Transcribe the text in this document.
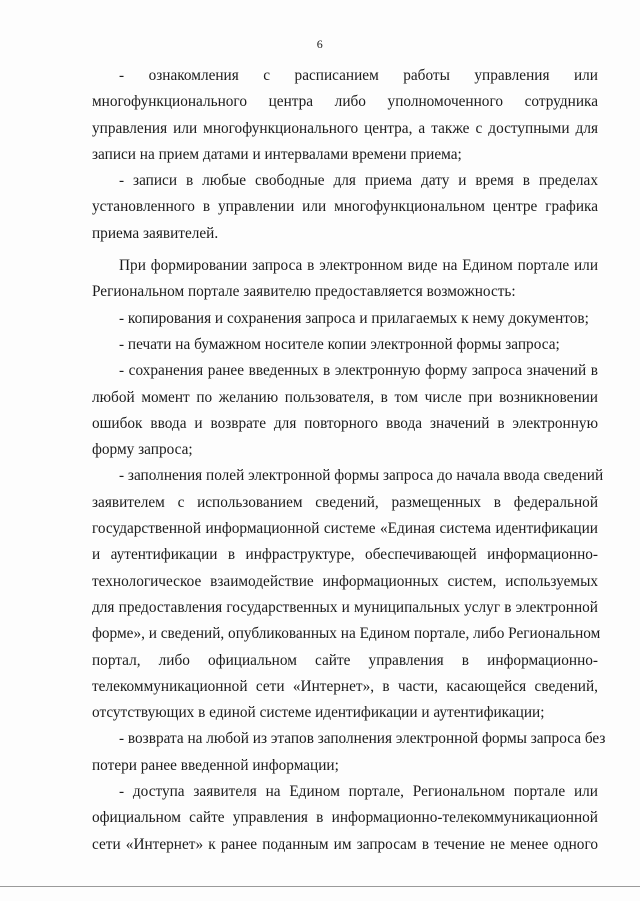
6
-   ознакомления   с   расписанием   работы   управления   или
многофункционального центра либо уполномоченного сотрудника
управления или многофункционального центра, а также с доступными для
записи на прием датами и интервалами времени приема;
- записи в любые свободные для приема дату и время в пределах
установленного в управлении или многофункциональном центре графика
приема заявителей.
При формировании запроса в электронном виде на Едином портале или
Региональном портале заявителю предоставляется возможность:
- копирования и сохранения запроса и прилагаемых к нему документов;
- печати на бумажном носителе копии электронной формы запроса;
- сохранения ранее введенных в электронную форму запроса значений в
любой момент по желанию пользователя, в том числе при возникновении
ошибок ввода и возврате для повторного ввода значений в электронную
форму запроса;
- заполнения полей электронной формы запроса до начала ввода сведений
заявителем с использованием сведений, размещенных в федеральной
государственной информационной системе «Единая система идентификации
и аутентификации в инфраструктуре, обеспечивающей информационно-
технологическое взаимодействие информационных систем, используемых
для предоставления государственных и муниципальных услуг в электронной
форме», и сведений, опубликованных на Едином портале, либо Региональном
портал, либо официальном сайте управления в информационно-
телекоммуникационной сети «Интернет», в части, касающейся сведений,
отсутствующих в единой системе идентификации и аутентификации;
- возврата на любой из этапов заполнения электронной формы запроса без
потери ранее введенной информации;
- доступа заявителя на Едином портале, Региональном портале или
официальном сайте управления в информационно-телекоммуникационной
сети «Интернет» к ранее поданным им запросам в течение не менее одного
